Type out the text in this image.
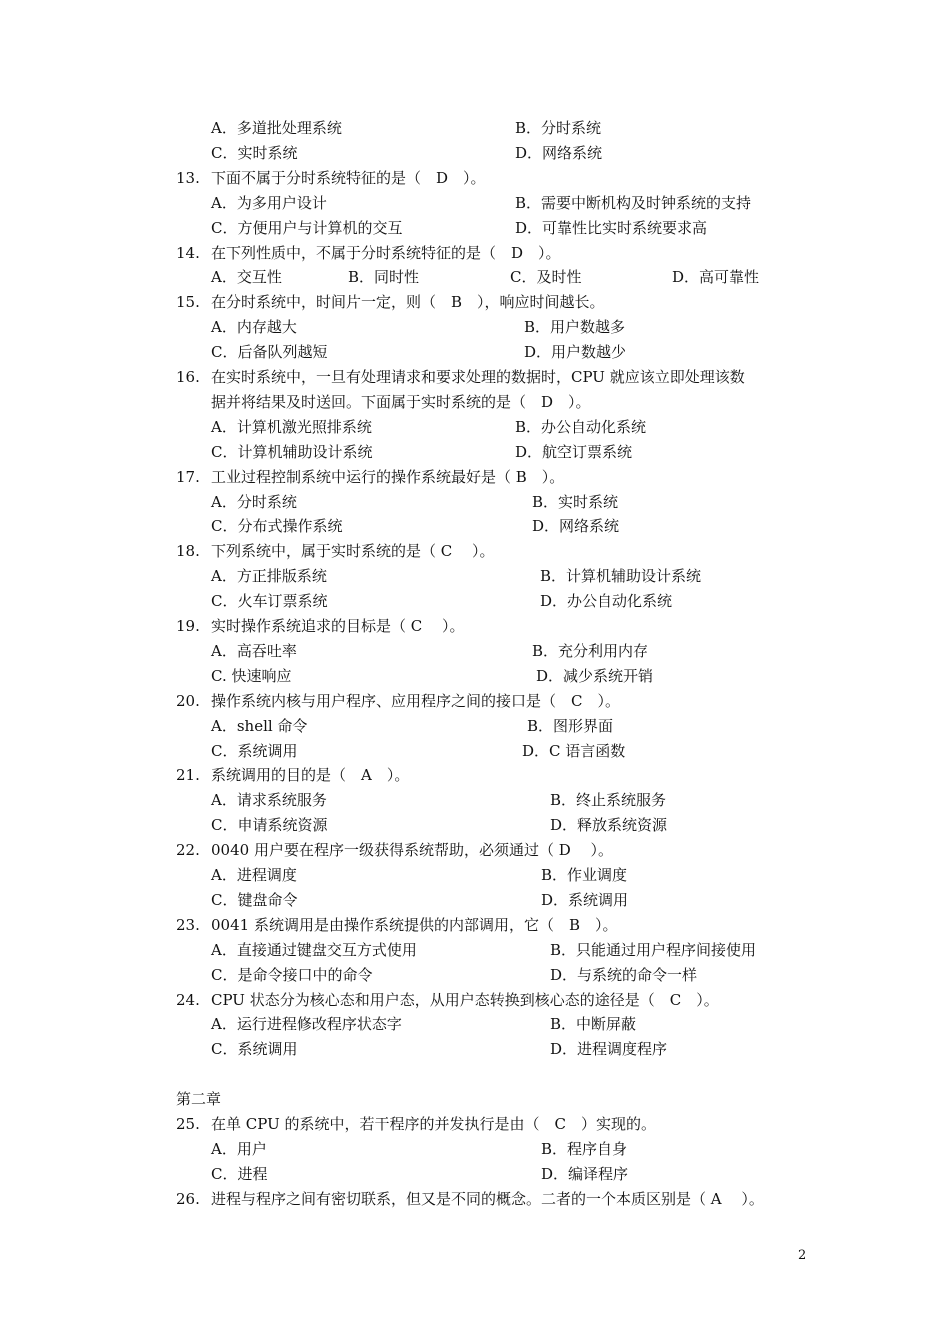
A．多道批处理系统	B．分时系统
C．实时系统	D．网络系统
13. 下面不属于分时系统特征的是（　D　）。
A．为多用户设计	B．需要中断机构及时钟系统的支持
C．方便用户与计算机的交互	D．可靠性比实时系统要求高
14. 在下列性质中，不属于分时系统特征的是（　D　）。
A．交互性	B．同时性	C．及时性	D．高可靠性
15. 在分时系统中，时间片一定，则（　B　），响应时间越长。
A．内存越大	B．用户数越多
C．后备队列越短	D．用户数越少
16. 在实时系统中，一旦有处理请求和要求处理的数据时，CPU 就应该立即处理该数
据并将结果及时送回。下面属于实时系统的是（　D　）。
A．计算机激光照排系统	B．办公自动化系统
C．计算机辅助设计系统	D．航空订票系统
17. 工业过程控制系统中运行的操作系统最好是（ B　）。
A．分时系统	B．实时系统
C．分布式操作系统	D．网络系统
18. 下列系统中，属于实时系统的是（ C　 ）。
A．方正排版系统	B．计算机辅助设计系统
C．火车订票系统	D．办公自动化系统
19. 实时操作系统追求的目标是（ C　 ）。
A．高吞吐率	B．充分利用内存
C. 快速响应	D．减少系统开销
20. 操作系统内核与用户程序、应用程序之间的接口是（　C　）。
A．shell 命令	B．图形界面
C．系统调用	D．C 语言函数
21. 系统调用的目的是（　A　）。
A．请求系统服务	B．终止系统服务
C．申请系统资源	D．释放系统资源
22. 0040 用户要在程序一级获得系统帮助，必须通过（ D　 ）。
A．进程调度	B．作业调度
C．键盘命令	D．系统调用
23. 0041 系统调用是由操作系统提供的内部调用，它（　B　）。
A．直接通过键盘交互方式使用	B．只能通过用户程序间接使用
C．是命令接口中的命令	D．与系统的命令一样
24. CPU 状态分为核心态和用户态，从用户态转换到核心态的途径是（　C　）。
A．运行进程修改程序状态字	B．中断屏蔽
C．系统调用	D．进程调度程序
第二章
25. 在单 CPU 的系统中，若干程序的并发执行是由（　C　）实现的。
A．用户	B．程序自身
C．进程	D．编译程序
26. 进程与程序之间有密切联系，但又是不同的概念。二者的一个本质区别是（ A　 ）。
2
